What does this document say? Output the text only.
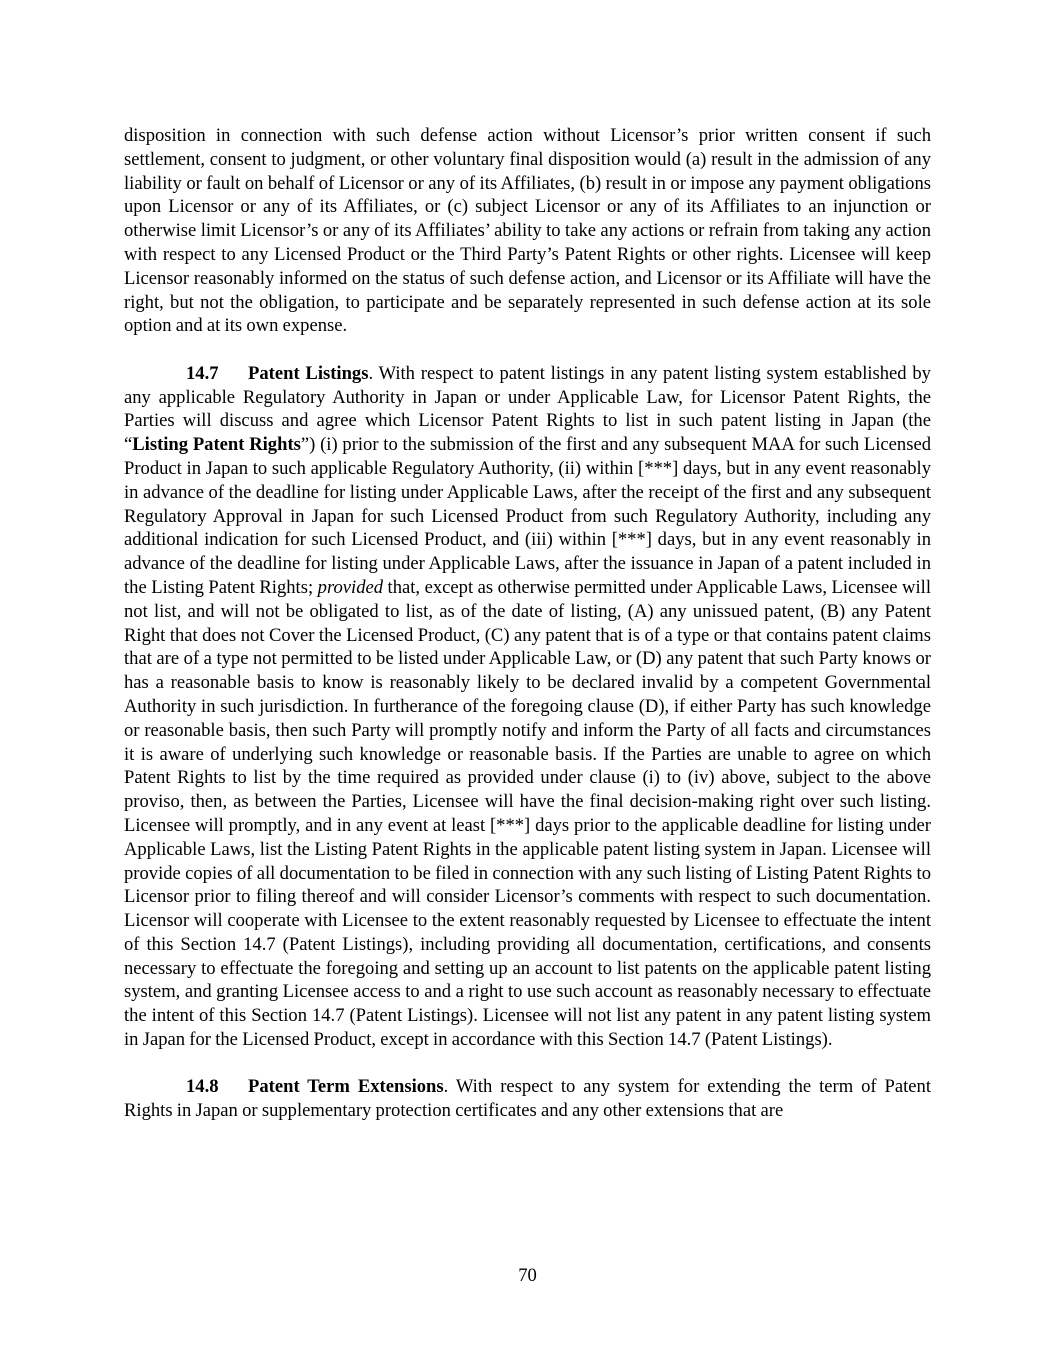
disposition in connection with such defense action without Licensor’s prior written consent if such settlement, consent to judgment, or other voluntary final disposition would (a) result in the admission of any liability or fault on behalf of Licensor or any of its Affiliates, (b) result in or impose any payment obligations upon Licensor or any of its Affiliates, or (c) subject Licensor or any of its Affiliates to an injunction or otherwise limit Licensor’s or any of its Affiliates’ ability to take any actions or refrain from taking any action with respect to any Licensed Product or the Third Party’s Patent Rights or other rights. Licensee will keep Licensor reasonably informed on the status of such defense action, and Licensor or its Affiliate will have the right, but not the obligation, to participate and be separately represented in such defense action at its sole option and at its own expense.

14.7 Patent Listings. With respect to patent listings in any patent listing system established by any applicable Regulatory Authority in Japan or under Applicable Law, for Licensor Patent Rights, the Parties will discuss and agree which Licensor Patent Rights to list in such patent listing in Japan (the “Listing Patent Rights”) (i) prior to the submission of the first and any subsequent MAA for such Licensed Product in Japan to such applicable Regulatory Authority, (ii) within [***] days, but in any event reasonably in advance of the deadline for listing under Applicable Laws, after the receipt of the first and any subsequent Regulatory Approval in Japan for such Licensed Product from such Regulatory Authority, including any additional indication for such Licensed Product, and (iii) within [***] days, but in any event reasonably in advance of the deadline for listing under Applicable Laws, after the issuance in Japan of a patent included in the Listing Patent Rights; provided that, except as otherwise permitted under Applicable Laws, Licensee will not list, and will not be obligated to list, as of the date of listing, (A) any unissued patent, (B) any Patent Right that does not Cover the Licensed Product, (C) any patent that is of a type or that contains patent claims that are of a type not permitted to be listed under Applicable Law, or (D) any patent that such Party knows or has a reasonable basis to know is reasonably likely to be declared invalid by a competent Governmental Authority in such jurisdiction. In furtherance of the foregoing clause (D), if either Party has such knowledge or reasonable basis, then such Party will promptly notify and inform the Party of all facts and circumstances it is aware of underlying such knowledge or reasonable basis. If the Parties are unable to agree on which Patent Rights to list by the time required as provided under clause (i) to (iv) above, subject to the above proviso, then, as between the Parties, Licensee will have the final decision-making right over such listing. Licensee will promptly, and in any event at least [***] days prior to the applicable deadline for listing under Applicable Laws, list the Listing Patent Rights in the applicable patent listing system in Japan. Licensee will provide copies of all documentation to be filed in connection with any such listing of Listing Patent Rights to Licensor prior to filing thereof and will consider Licensor’s comments with respect to such documentation. Licensor will cooperate with Licensee to the extent reasonably requested by Licensee to effectuate the intent of this Section 14.7 (Patent Listings), including providing all documentation, certifications, and consents necessary to effectuate the foregoing and setting up an account to list patents on the applicable patent listing system, and granting Licensee access to and a right to use such account as reasonably necessary to effectuate the intent of this Section 14.7 (Patent Listings). Licensee will not list any patent in any patent listing system in Japan for the Licensed Product, except in accordance with this Section 14.7 (Patent Listings).

14.8 Patent Term Extensions. With respect to any system for extending the term of Patent Rights in Japan or supplementary protection certificates and any other extensions that are

70
